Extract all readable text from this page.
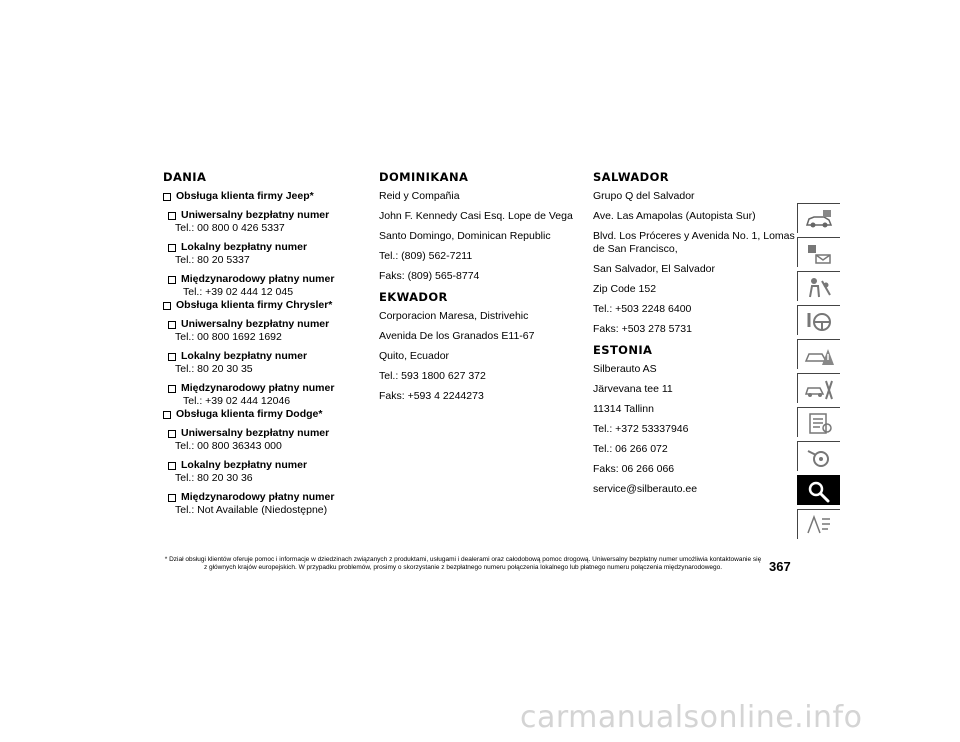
DANIA
Obsługa klienta firmy Jeep*
Uniwersalny bezpłatny numer
Tel.: 00 800 0 426 5337
Lokalny bezpłatny numer
Tel.: 80 20 5337
Międzynarodowy płatny numer
Tel.: +39 02 444 12 045
Obsługa klienta firmy Chrysler*
Uniwersalny bezpłatny numer
Tel.: 00 800 1692 1692
Lokalny bezpłatny numer
Tel.: 80 20 30 35
Międzynarodowy płatny numer
Tel.: +39 02 444 12046
Obsługa klienta firmy Dodge*
Uniwersalny bezpłatny numer
Tel.: 00 800 36343 000
Lokalny bezpłatny numer
Tel.: 80 20 30 36
Międzynarodowy płatny numer
Tel.: Not Available (Niedostępne)
DOMINIKANA
Reid y Compañia
John F. Kennedy Casi Esq. Lope de Vega
Santo Domingo, Dominican Republic
Tel.: (809) 562-7211
Faks: (809) 565-8774
EKWADOR
Corporacion Maresa, Distrivehic
Avenida De los Granados E11-67
Quito, Ecuador
Tel.: 593 1800 627 372
Faks: +593 4 2244273
SALWADOR
Grupo Q del Salvador
Ave. Las Amapolas (Autopista Sur)
Blvd. Los Próceres y Avenida No. 1, Lomas de San Francisco,
San Salvador, El Salvador
Zip Code 152
Tel.: +503 2248 6400
Faks: +503 278 5731
ESTONIA
Silberauto AS
Järvevana tee 11
11314 Tallinn
Tel.: +372 53337946
Tel.: 06 266 072
Faks: 06 266 066
service@silberauto.ee
* Dział obsługi klientów oferuje pomoc i informacje w dziedzinach związanych z produktami, usługami i dealerami oraz całodobową pomoc drogową. Uniwersalny bezpłatny numer umożliwia kontaktowanie się z głównych krajów europejskich. W przypadku problemów, prosimy o skorzystanie z bezpłatnego numeru połączenia lokalnego lub płatnego numeru połączenia międzynarodowego.	367
carmanualsonline.info
